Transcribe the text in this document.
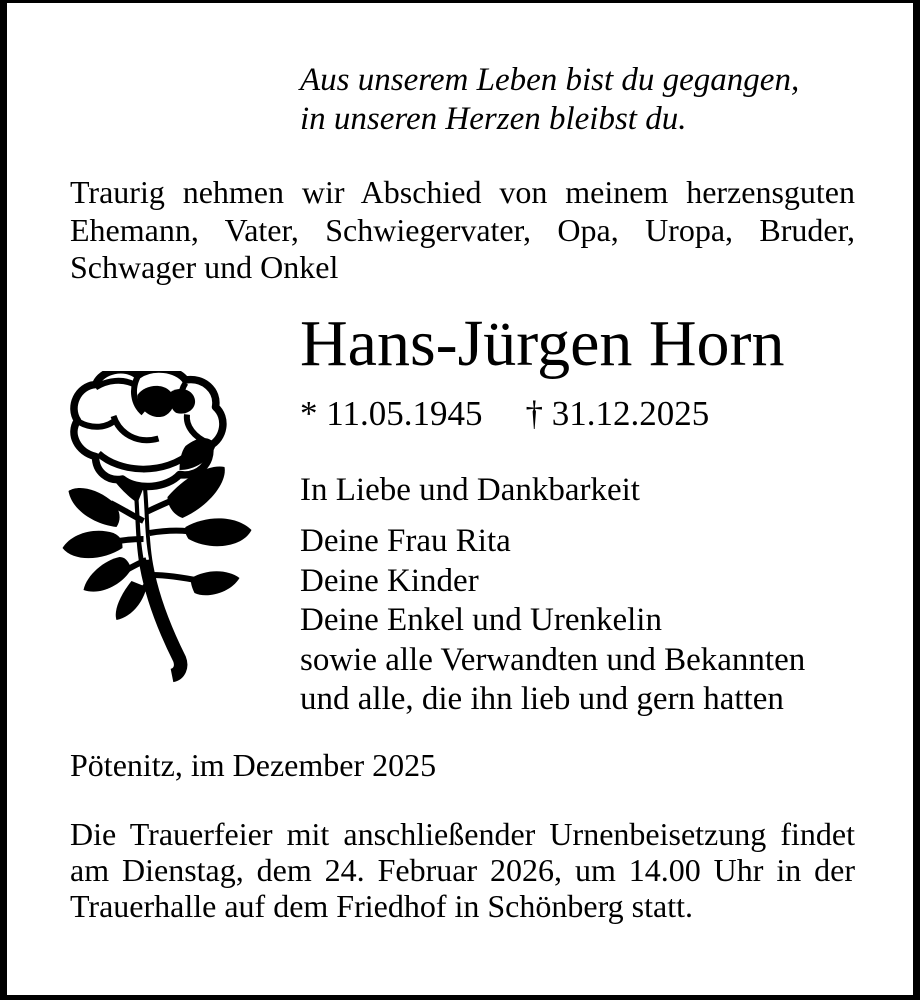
Aus unserem Leben bist du gegangen,
in unseren Herzen bleibst du.
Traurig nehmen wir Abschied von meinem herzensguten
Ehemann, Vater, Schwiegervater, Opa, Uropa, Bruder,
Schwager und Onkel
Hans-Jürgen Horn
* 11.05.1945 † 31.12.2025
In Liebe und Dankbarkeit
Deine Frau Rita
Deine Kinder
Deine Enkel und Urenkelin
sowie alle Verwandten und Bekannten
und alle, die ihn lieb und gern hatten
Pötenitz, im Dezember 2025
Die Trauerfeier mit anschließender Urnenbeisetzung findet
am Dienstag, dem 24. Februar 2026, um 14.00 Uhr in der
Trauerhalle auf dem Friedhof in Schönberg statt.
